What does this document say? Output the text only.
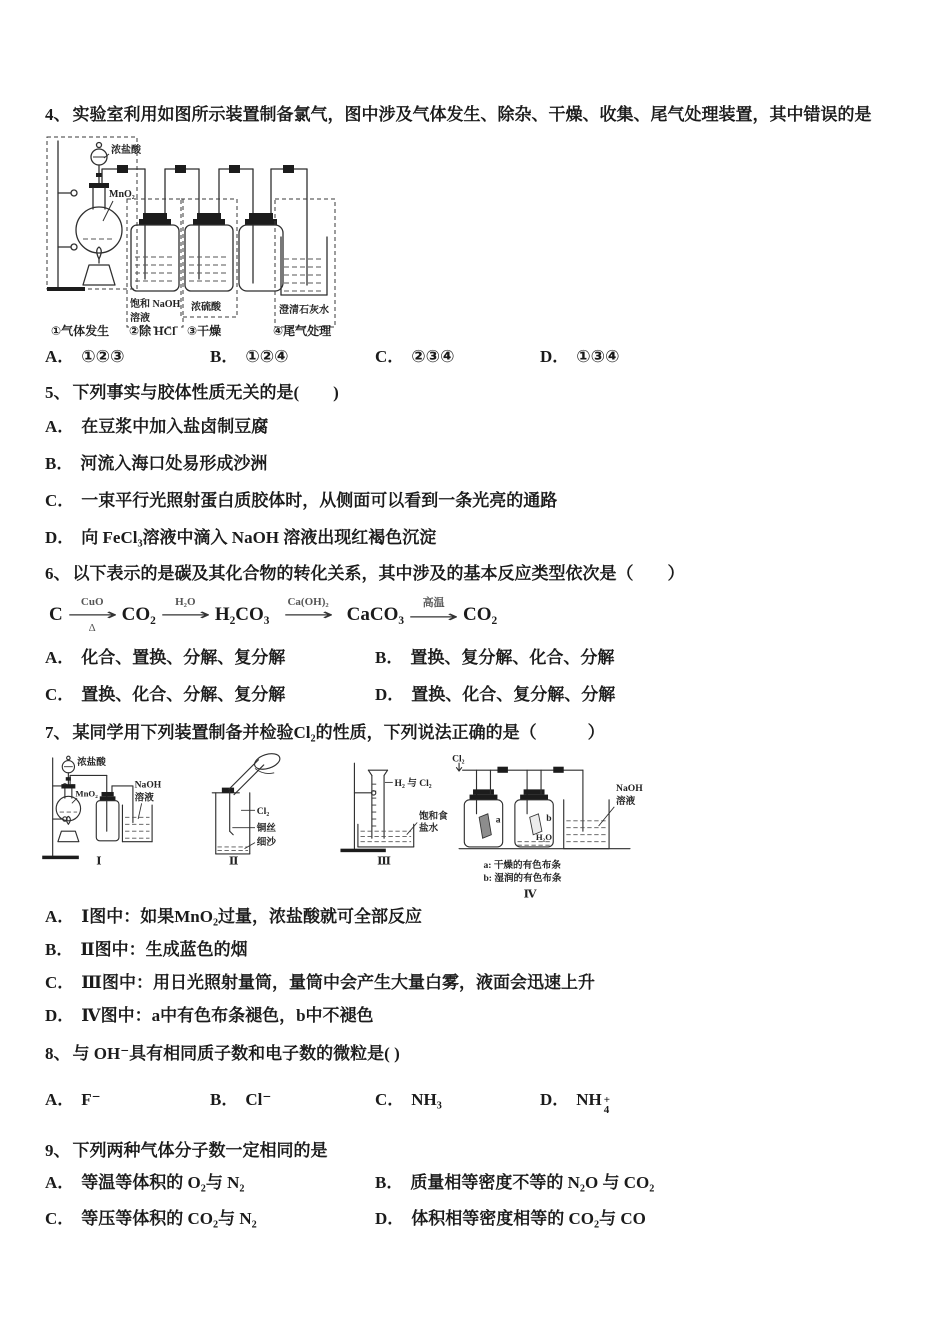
4、 实验室利用如图所示装置制备氯气，图中涉及气体发生、除杂、干燥、收集、尾气处理装置，其中错误的是
浓盐酸
MnO₂
饱和 NaOH
溶液
浓硫酸	澄清石灰水
①气体发生 ②除 HCl ③干燥	④尾气处理
A． ①②③	B． ①②④	C． ②③④	D． ①③④
5、 下列事实与胶体性质无关的是(　　)
A． 在豆浆中加入盐卤制豆腐
B． 河流入海口处易形成沙洲
C． 一束平行光照射蛋白质胶体时，从侧面可以看到一条光亮的通路
D． 向 FeCl₃溶液中滴入 NaOH 溶液出现红褐色沉淀
6、 以下表示的是碳及其化合物的转化关系，其中涉及的基本反应类型依次是（　　）
C
CuO
⟶
Δ
CO₂
H₂O
⟶ H₂CO₃
Ca(OH)₂
⟶ CaCO₃
高温
⟶ CO₂
A． 化合、置换、分解、复分解	B． 置换、复分解、化合、分解
C． 置换、化合、分解、复分解	D． 置换、化合、复分解、分解
7、 某同学用下列装置制备并检验Cl₂的性质，下列说法正确的是（　　　）
浓盐酸
MnO₂
NaOH
溶液
Ⅰ
Cl₂
铜丝
细沙
Ⅱ
H₂ 与 Cl₂
饱和食
盐水
Ⅲ
Cl₂
a	b
H₂O
NaOH
溶液
a: 干燥的有色布条
b: 湿润的有色布条
Ⅳ
A． Ⅰ图中：如果MnO₂过量，浓盐酸就可全部反应
B． Ⅱ图中：生成蓝色的烟
C． Ⅲ图中：用日光照射量筒，量筒中会产生大量白雾，液面会迅速上升
D． Ⅳ图中：a中有色布条褪色，b中不褪色
8、 与 OH⁻具有相同质子数和电子数的微粒是( )
A． F⁻	B． Cl⁻	C． NH₃	D． NH +
4
9、 下列两种气体分子数一定相同的是
A． 等温等体积的 O₂与 N₂	B． 质量相等密度不等的 N₂O 与 CO₂
C． 等压等体积的 CO₂与 N₂	D． 体积相等密度相等的 CO₂与 CO
